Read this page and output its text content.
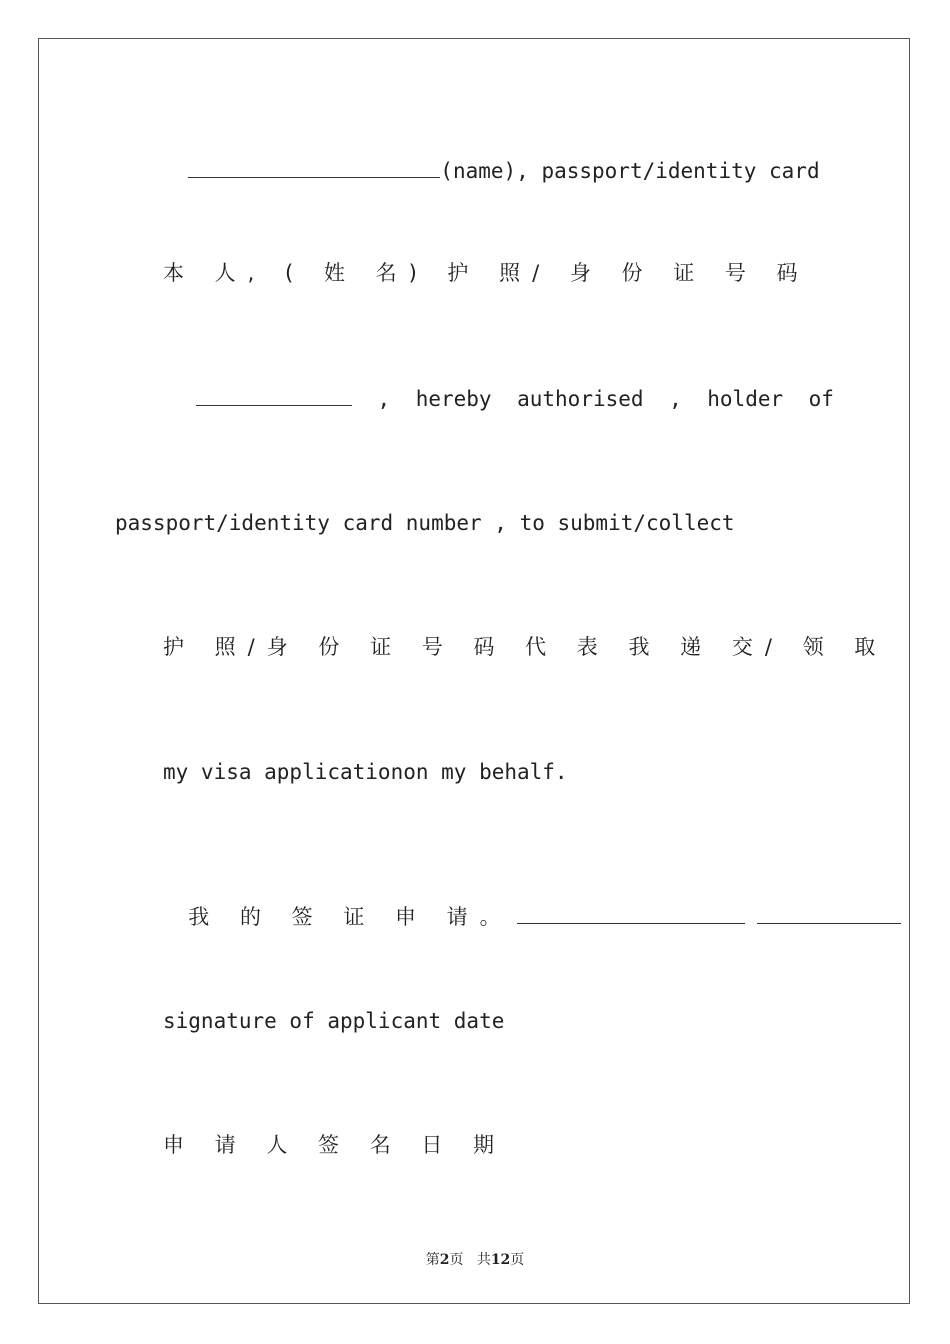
(name), passport/identity card

本 人, ( 姓 名) 护 照/ 身 份 证 号 码
, hereby authorised , holder of
passport/identity card number , to submit/collect
护 照/身 份 证 号 码 代 表 我 递 交/ 领 取
my visa applicationon my behalf.

我 的 签 证 申 请。

signature of applicant date
申 请 人 签 名 日 期
第2页 共12页
